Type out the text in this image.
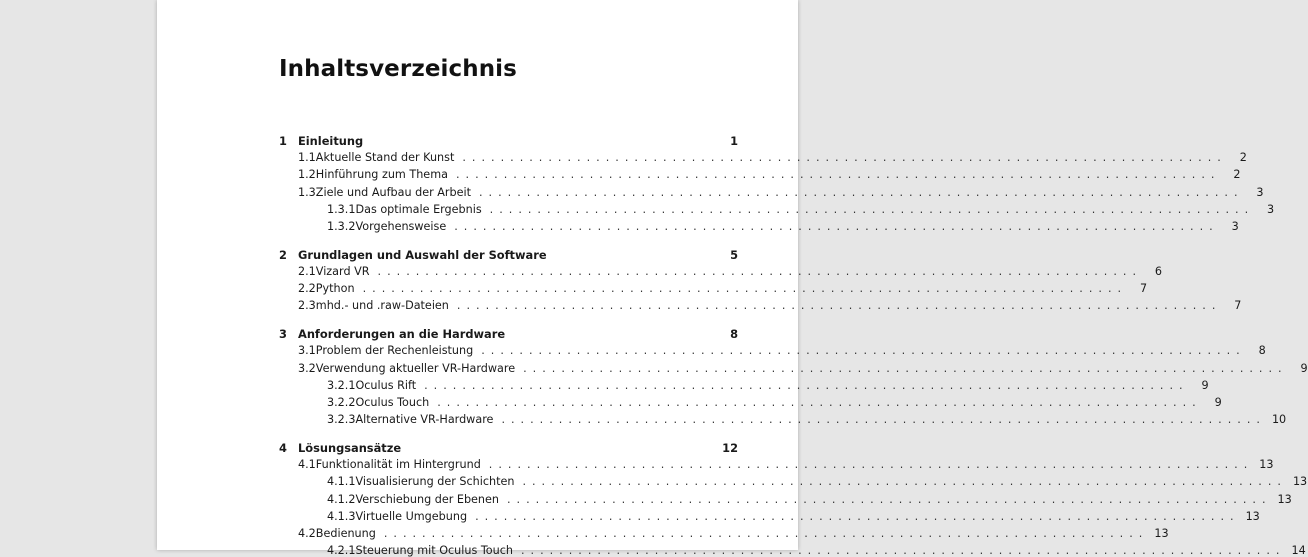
Inhaltsverzeichnis
1 Einleitung	1
1.1 Aktuelle Stand der Kunst ................................................................................	2
1.2 Hinführung zum Thema ................................................................................	2
1.3 Ziele und Aufbau der Arbeit ................................................................................	3
1.3.1 Das optimale Ergebnis ................................................................................	3
1.3.2 Vorgehensweise ................................................................................	3
2 Grundlagen und Auswahl der Software	5
2.1 Vizard VR ................................................................................	6
2.2 Python ................................................................................	7
2.3 mhd.- und .raw-Dateien ................................................................................	7
3 Anforderungen an die Hardware	8
3.1 Problem der Rechenleistung ................................................................................	8
3.2 Verwendung aktueller VR-Hardware ................................................................................	9
3.2.1 Oculus Rift ................................................................................	9
3.2.2 Oculus Touch ................................................................................	9
3.2.3 Alternative VR-Hardware ................................................................................ 10
4 Lösungsansätze	12
4.1 Funktionalität im Hintergrund ................................................................................ 13
4.1.1 Visualisierung der Schichten ................................................................................ 13
4.1.2 Verschiebung der Ebenen ................................................................................ 13
4.1.3 Virtuelle Umgebung ................................................................................ 13
4.2 Bedienung ................................................................................ 13
4.2.1 Steuerung mit Oculus Touch ................................................................................ 14
